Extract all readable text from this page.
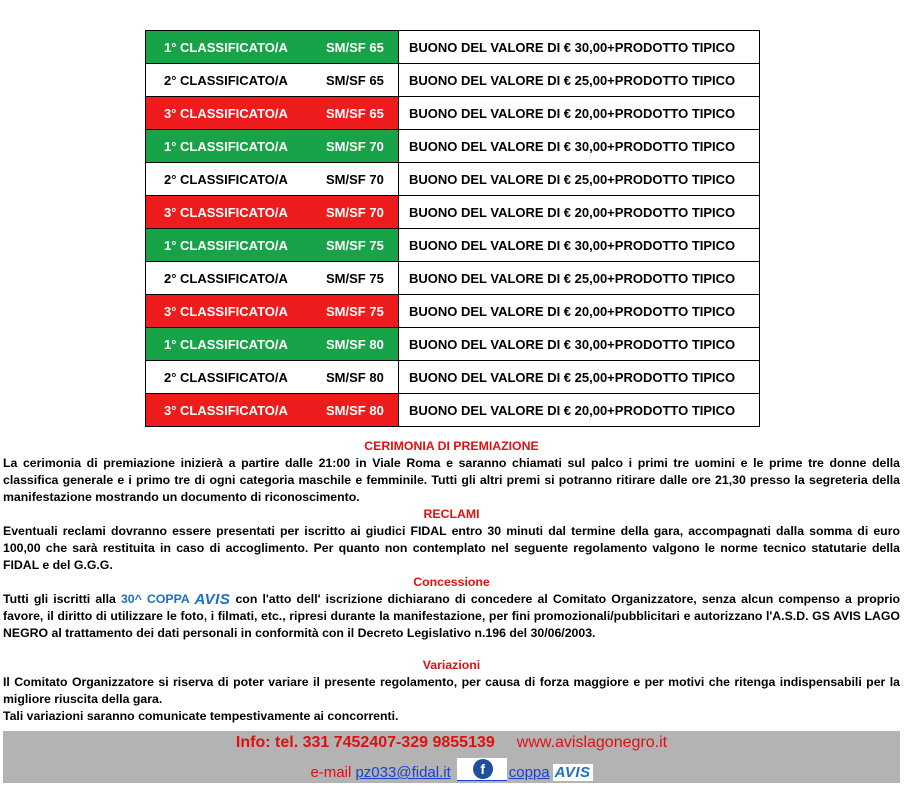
1° CLASSIFICATO/A	SM/SF 65	BUONO DEL VALORE DI € 30,00+PRODOTTO TIPICO
2° CLASSIFICATO/A	SM/SF 65	BUONO DEL VALORE DI € 25,00+PRODOTTO TIPICO
3° CLASSIFICATO/A	SM/SF 65	BUONO DEL VALORE DI € 20,00+PRODOTTO TIPICO
1° CLASSIFICATO/A	SM/SF 70	BUONO DEL VALORE DI € 30,00+PRODOTTO TIPICO
2° CLASSIFICATO/A	SM/SF 70	BUONO DEL VALORE DI € 25,00+PRODOTTO TIPICO
3° CLASSIFICATO/A	SM/SF 70	BUONO DEL VALORE DI € 20,00+PRODOTTO TIPICO
1° CLASSIFICATO/A	SM/SF 75	BUONO DEL VALORE DI € 30,00+PRODOTTO TIPICO
2° CLASSIFICATO/A	SM/SF 75	BUONO DEL VALORE DI € 25,00+PRODOTTO TIPICO
3° CLASSIFICATO/A	SM/SF 75	BUONO DEL VALORE DI € 20,00+PRODOTTO TIPICO
1° CLASSIFICATO/A	SM/SF 80	BUONO DEL VALORE DI € 30,00+PRODOTTO TIPICO
2° CLASSIFICATO/A	SM/SF 80	BUONO DEL VALORE DI € 25,00+PRODOTTO TIPICO
3° CLASSIFICATO/A	SM/SF 80	BUONO DEL VALORE DI € 20,00+PRODOTTO TIPICO
CERIMONIA DI PREMIAZIONE
La cerimonia di premiazione inizierà a partire dalle 21:00 in Viale Roma e saranno chiamati sul palco i primi tre uomini e le prime tre donne della classifica generale e i primo tre di ogni categoria maschile e femminile. Tutti gli altri premi si potranno ritirare dalle ore 21,30 presso la segreteria della manifestazione mostrando un documento di riconoscimento.
RECLAMI
Eventuali reclami dovranno essere presentati per iscritto ai giudici FIDAL entro 30 minuti dal termine della gara, accompagnati dalla somma di euro 100,00 che sarà restituita in caso di accoglimento. Per quanto non contemplato nel seguente regolamento valgono le norme tecnico statutarie della FIDAL e del G.G.G.
Concessione
Tutti gli iscritti alla 30^ COPPA AVIS con l'atto dell' iscrizione dichiarano di concedere al Comitato Organizzatore, senza alcun compenso a proprio favore, il diritto di utilizzare le foto, i filmati, etc., ripresi durante la manifestazione, per fini promozionali/pubblicitari e autorizzano l'A.S.D. GS AVIS LAGO NEGRO al trattamento dei dati personali in conformità con il Decreto Legislativo n.196 del 30/06/2003.
Variazioni
Il Comitato Organizzatore si riserva di poter variare il presente regolamento, per causa di forza maggiore e per motivi che ritenga indispensabili per la migliore riuscita della gara.
Tali variazioni saranno comunicate tempestivamente ai concorrenti.
Info: tel. 331 7452407-329 9855139 www.avislagonegro.it
e-mail pz033@fidal.it	f	coppa AVIS
